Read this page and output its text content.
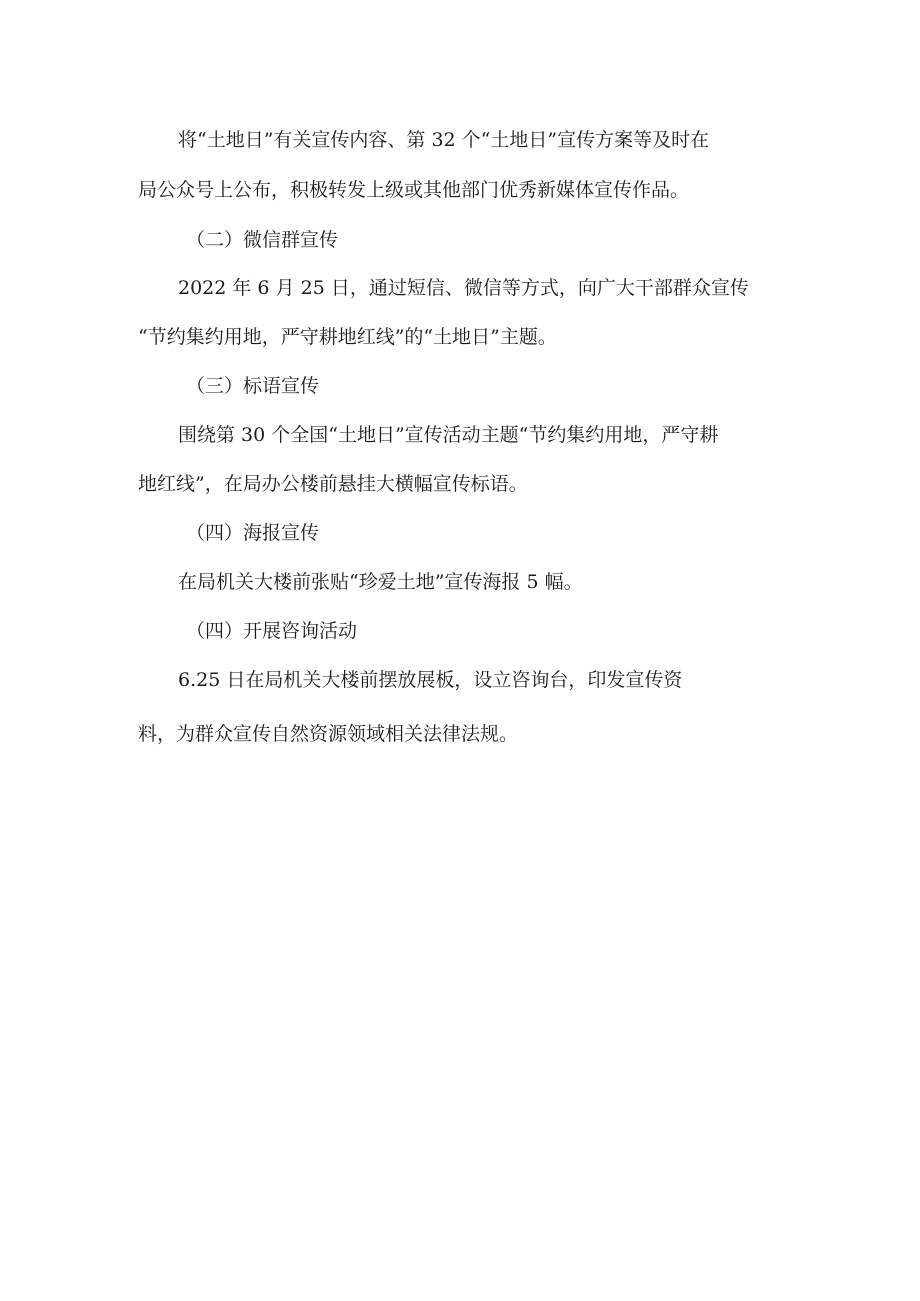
将“土地日”有关宣传内容、第 32 个“土地日”宣传方案等及时在
局公众号上公布，积极转发上级或其他部门优秀新媒体宣传作品。
（二）微信群宣传
2022 年 6 月 25 日，通过短信、微信等方式，向广大干部群众宣传
“节约集约用地，严守耕地红线”的“土地日”主题。
（三）标语宣传
围绕第 30 个全国“土地日”宣传活动主题“节约集约用地，严守耕
地红线”，在局办公楼前悬挂大横幅宣传标语。
（四）海报宣传
在局机关大楼前张贴“珍爱土地”宣传海报 5 幅。
（四）开展咨询活动
6.25 日在局机关大楼前摆放展板，设立咨询台，印发宣传资
料，为群众宣传自然资源领域相关法律法规。
